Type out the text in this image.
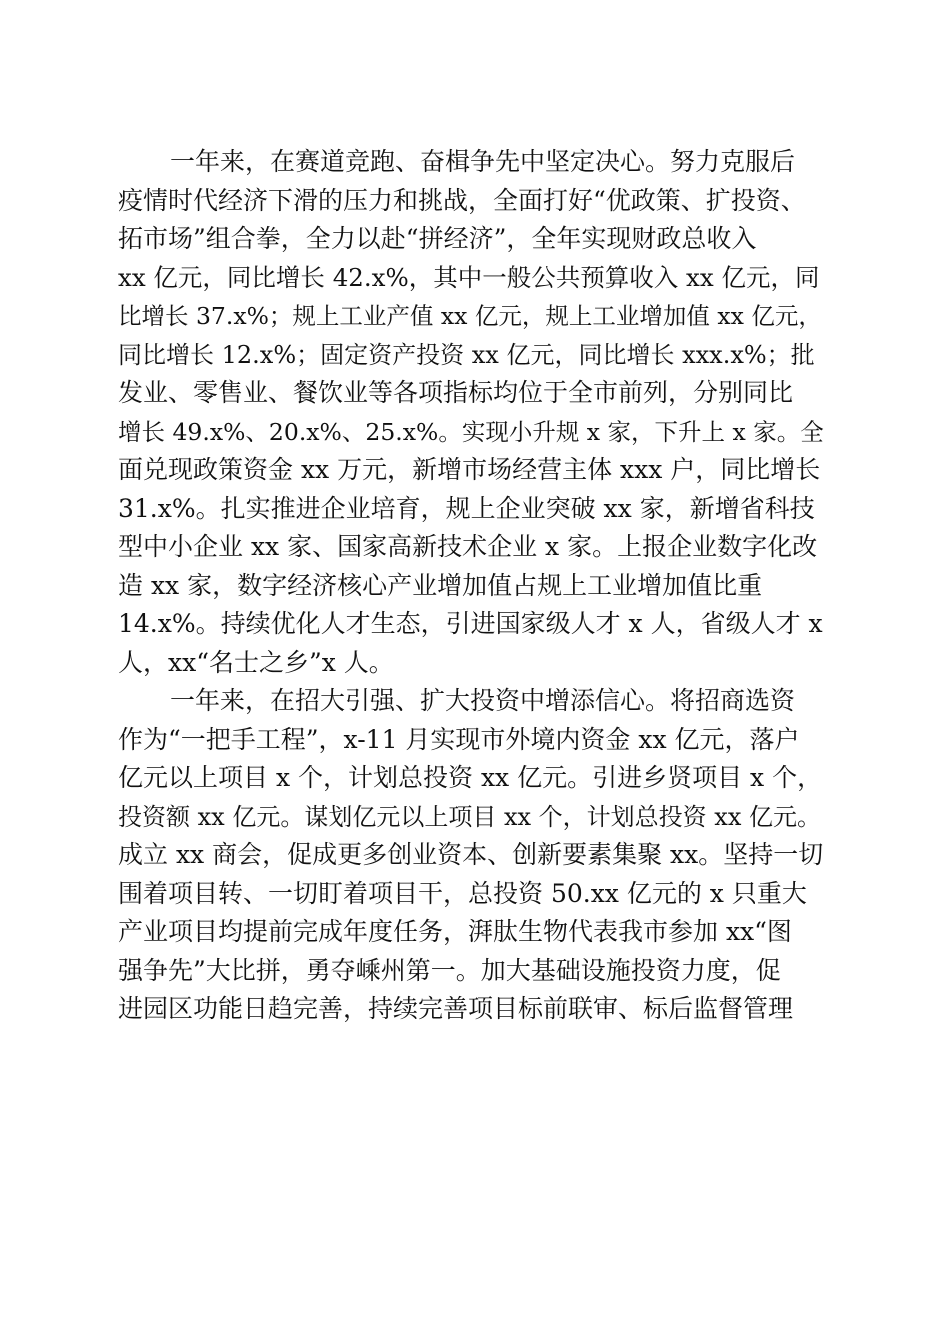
一年来，在赛道竞跑、奋楫争先中坚定决心。努力克服后
疫情时代经济下滑的压力和挑战，全面打好“优政策、扩投资、
拓市场”组合拳，全力以赴“拼经济”，全年实现财政总收入
xx 亿元，同比增长 42.x%，其中一般公共预算收入 xx 亿元，同
比增长 37.x%；规上工业产值 xx 亿元，规上工业增加值 xx 亿元，
同比增长 12.x%；固定资产投资 xx 亿元，同比增长 xxx.x%；批
发业、零售业、餐饮业等各项指标均位于全市前列，分别同比
增长 49.x%、20.x%、25.x%。实现小升规 x 家，下升上 x 家。全
面兑现政策资金 xx 万元，新增市场经营主体 xxx 户，同比增长
31.x%。扎实推进企业培育，规上企业突破 xx 家，新增省科技
型中小企业 xx 家、国家高新技术企业 x 家。上报企业数字化改
造 xx 家，数字经济核心产业增加值占规上工业增加值比重
14.x%。持续优化人才生态，引进国家级人才 x 人，省级人才 x
人，xx“名士之乡”x 人。
一年来，在招大引强、扩大投资中增添信心。将招商选资
作为“一把手工程”，x-11 月实现市外境内资金 xx 亿元，落户
亿元以上项目 x 个，计划总投资 xx 亿元。引进乡贤项目 x 个，
投资额 xx 亿元。谋划亿元以上项目 xx 个，计划总投资 xx 亿元。
成立 xx 商会，促成更多创业资本、创新要素集聚 xx。坚持一切
围着项目转、一切盯着项目干，总投资 50.xx 亿元的 x 只重大
产业项目均提前完成年度任务，湃肽生物代表我市参加 xx“图
强争先”大比拼，勇夺嵊州第一。加大基础设施投资力度，促
进园区功能日趋完善，持续完善项目标前联审、标后监督管理
